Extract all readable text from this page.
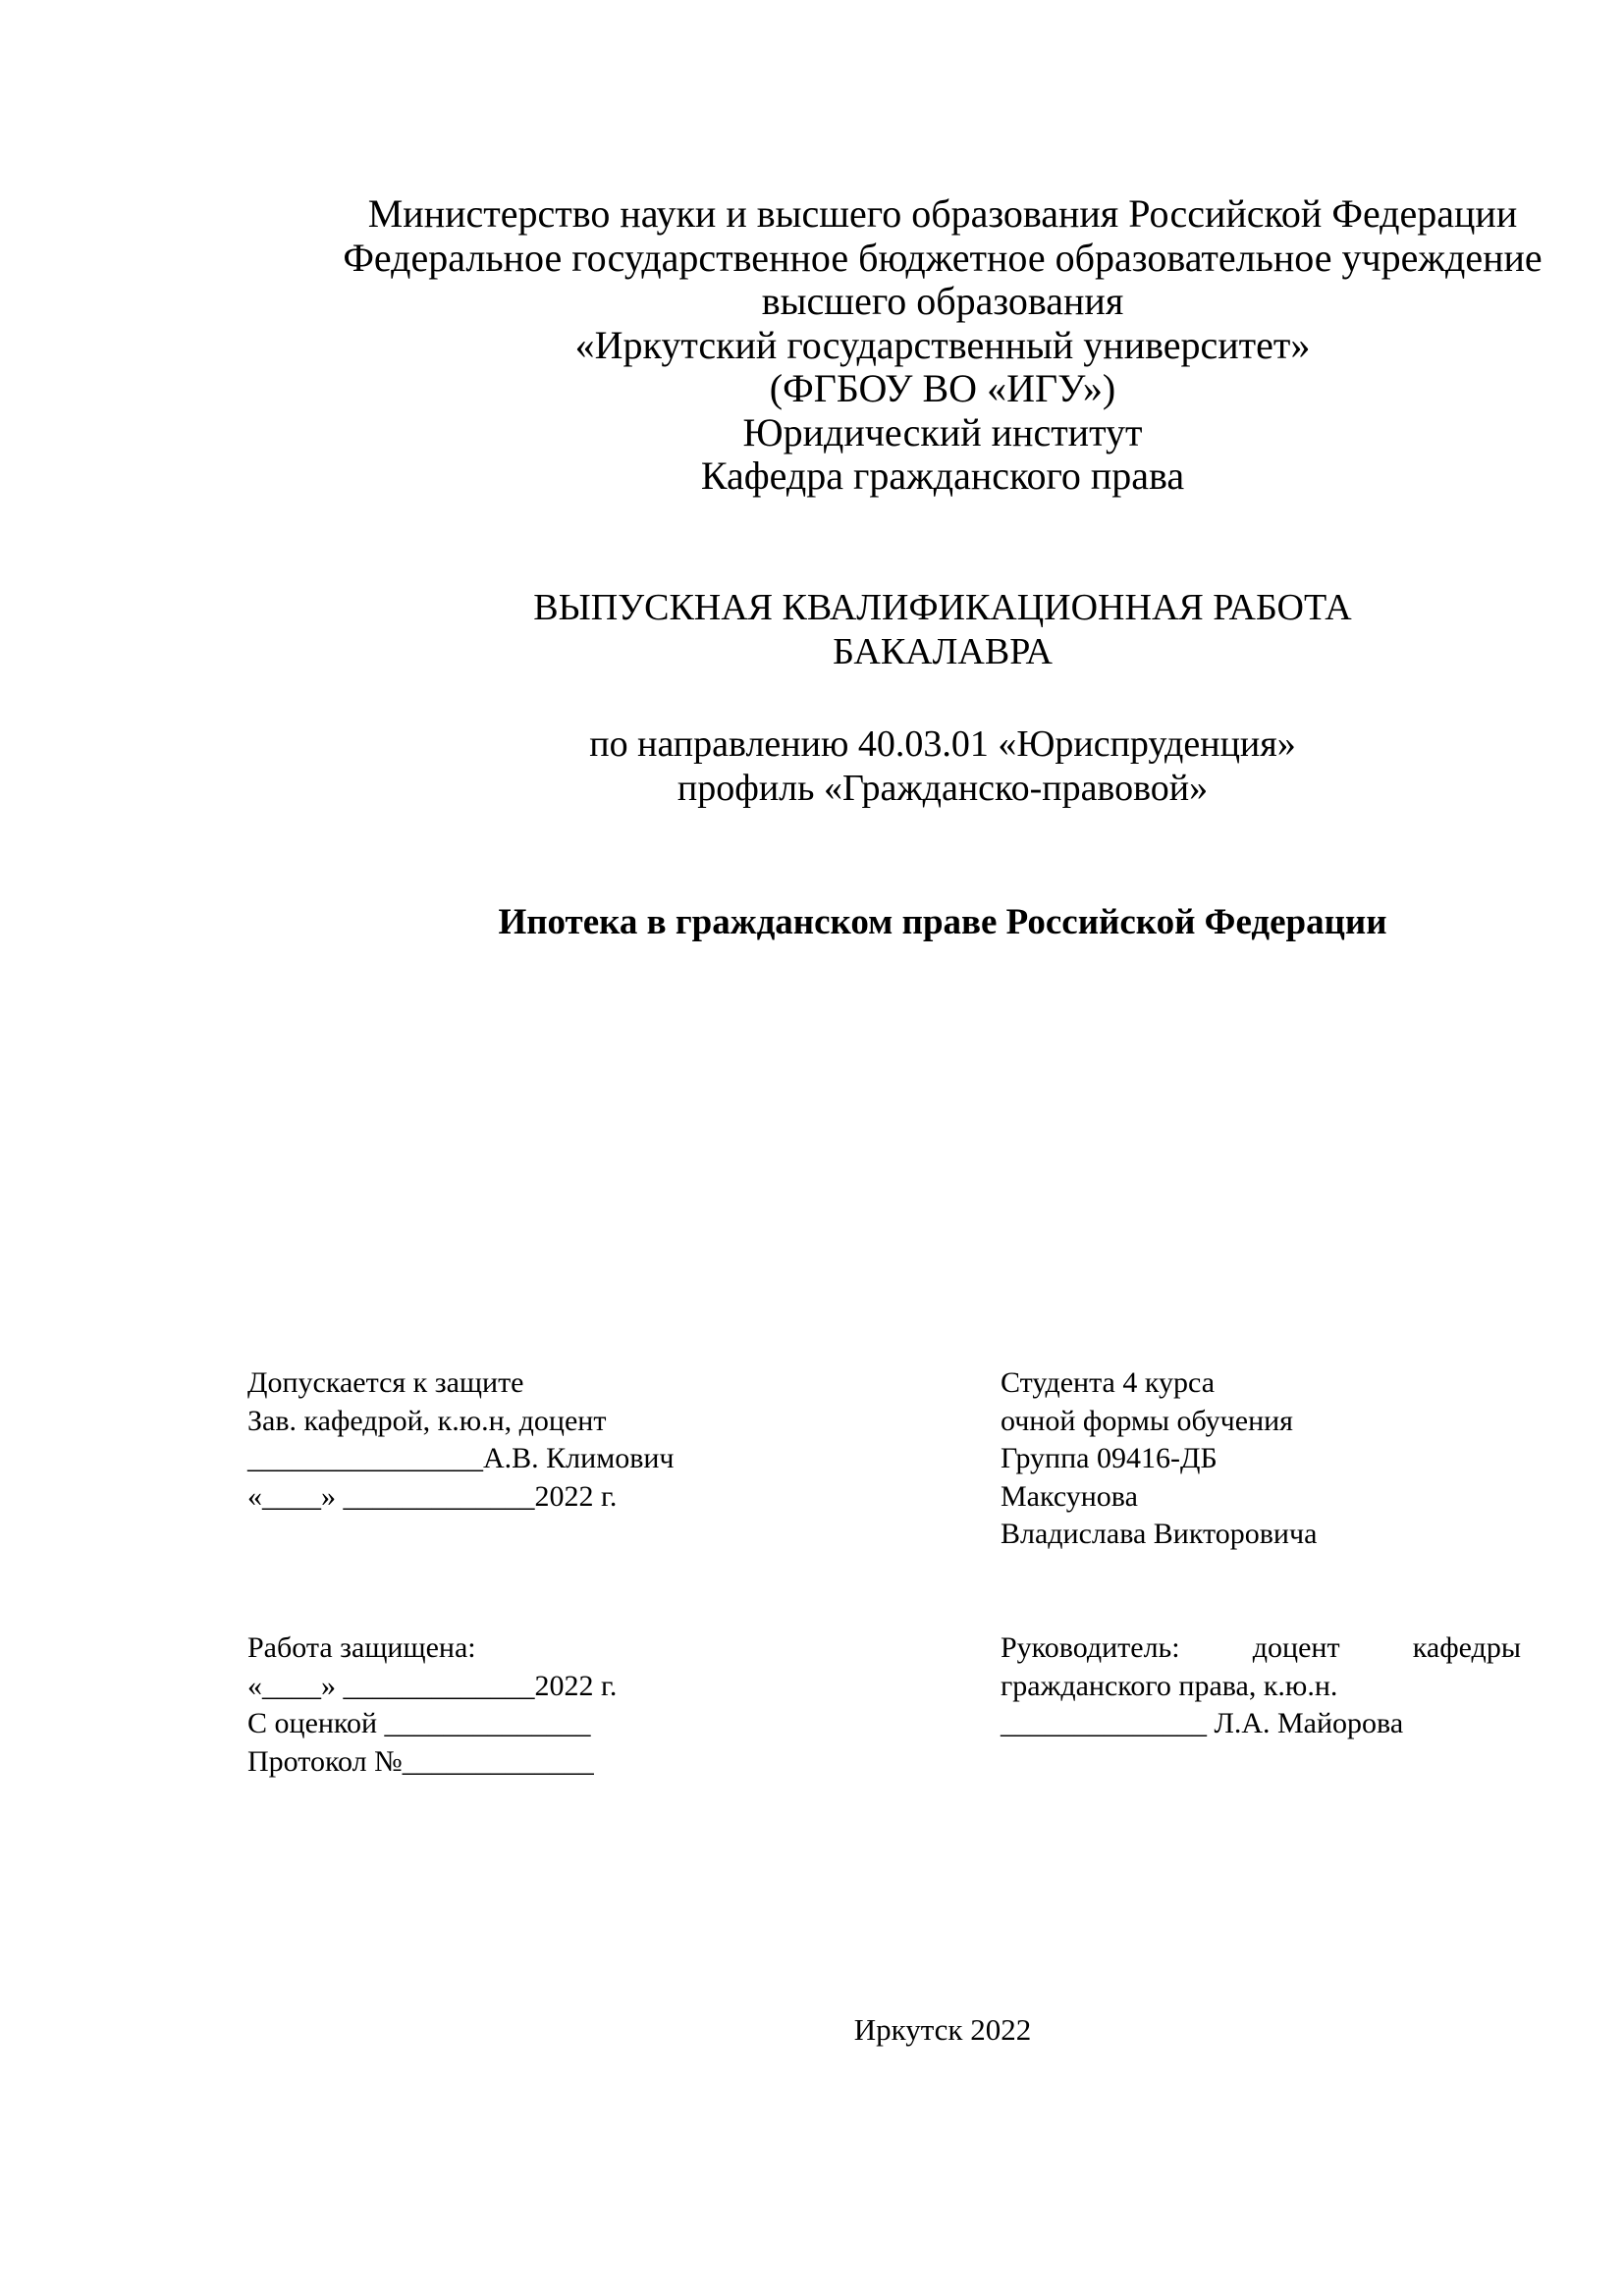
Министерство науки и высшего образования Российской Федерации
Федеральное государственное бюджетное образовательное учреждение
высшего образования
«Иркутский государственный университет»
(ФГБОУ ВО «ИГУ»)
Юридический институт
Кафедра гражданского права
ВЫПУСКНАЯ КВАЛИФИКАЦИОННАЯ РАБОТА
БАКАЛАВРА
по направлению 40.03.01 «Юриспруденция»
профиль «Гражданско-правовой»
Ипотека в гражданском праве Российской Федерации
Допускается к защите
Зав. кафедрой, к.ю.н, доцент
________________А.В. Климович
«____» _____________2022 г.
Студента 4 курса
очной формы обучения
Группа 09416-ДБ
Максунова
Владислава Викторовича
Работа защищена:
«____» _____________2022 г.
С оценкой ______________
Протокол №_____________
Руководитель: доцент кафедры
гражданского права, к.ю.н.
______________ Л.А. Майорова
Иркутск 2022
